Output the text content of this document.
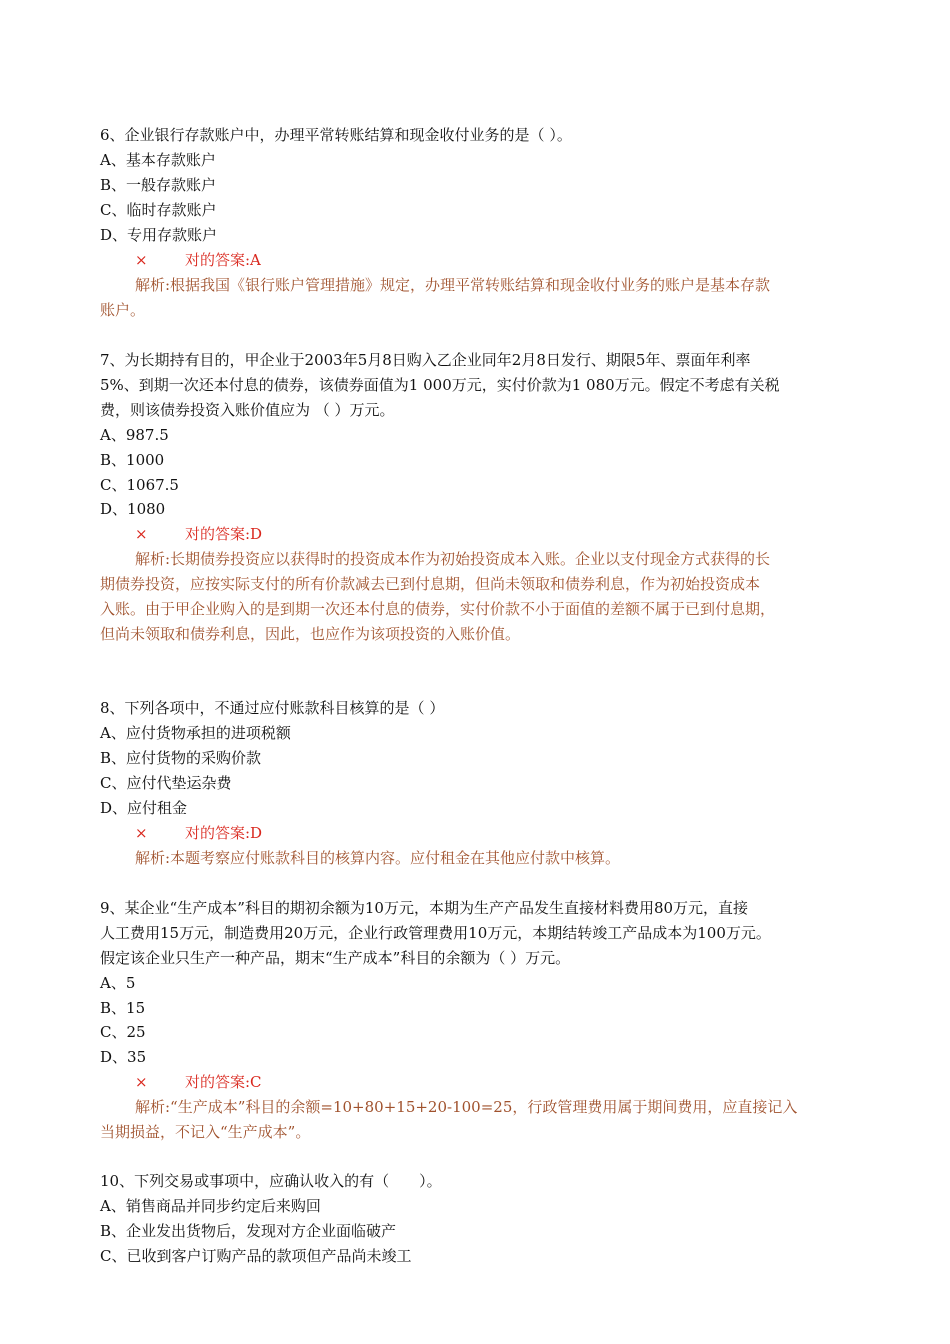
6、企业银行存款账户中，办理平常转账结算和现金收付业务的是（ ）。
A、基本存款账户
B、一般存款账户
C、临时存款账户
D、专用存款账户
× 对的答案:A
解析:根据我国《银行账户管理措施》规定，办理平常转账结算和现金收付业务的账户是基本存款
账户。
7、为长期持有目的，甲企业于2003年5月8日购入乙企业同年2月8日发行、期限5年、票面年利率
5%、到期一次还本付息的债券，该债券面值为1 000万元，实付价款为1 080万元。假定不考虑有关税
费，则该债券投资入账价值应为 （ ）万元。
A、987.5
B、1000
C、1067.5
D、1080
× 对的答案:D
解析:长期债券投资应以获得时的投资成本作为初始投资成本入账。企业以支付现金方式获得的长
期债券投资，应按实际支付的所有价款减去已到付息期，但尚未领取和债券利息，作为初始投资成本
入账。由于甲企业购入的是到期一次还本付息的债券，实付价款不小于面值的差额不属于已到付息期，
但尚未领取和债券利息，因此，也应作为该项投资的入账价值。
8、下列各项中，不通过应付账款科目核算的是（ ）
A、应付货物承担的进项税额
B、应付货物的采购价款
C、应付代垫运杂费
D、应付租金
× 对的答案:D
解析:本题考察应付账款科目的核算内容。应付租金在其他应付款中核算。
9、某企业“生产成本”科目的期初余额为10万元，本期为生产产品发生直接材料费用80万元，直接
人工费用15万元，制造费用20万元，企业行政管理费用10万元，本期结转竣工产品成本为100万元。
假定该企业只生产一种产品，期末“生产成本”科目的余额为（ ）万元。
A、5
B、15
C、25
D、35
× 对的答案:C
解析:“生产成本”科目的余额=10+80+15+20-100=25，行政管理费用属于期间费用，应直接记入
当期损益，不记入“生产成本”。
10、下列交易或事项中，应确认收入的有（　　）。
A、销售商品并同步约定后来购回
B、企业发出货物后，发现对方企业面临破产
C、已收到客户订购产品的款项但产品尚未竣工
